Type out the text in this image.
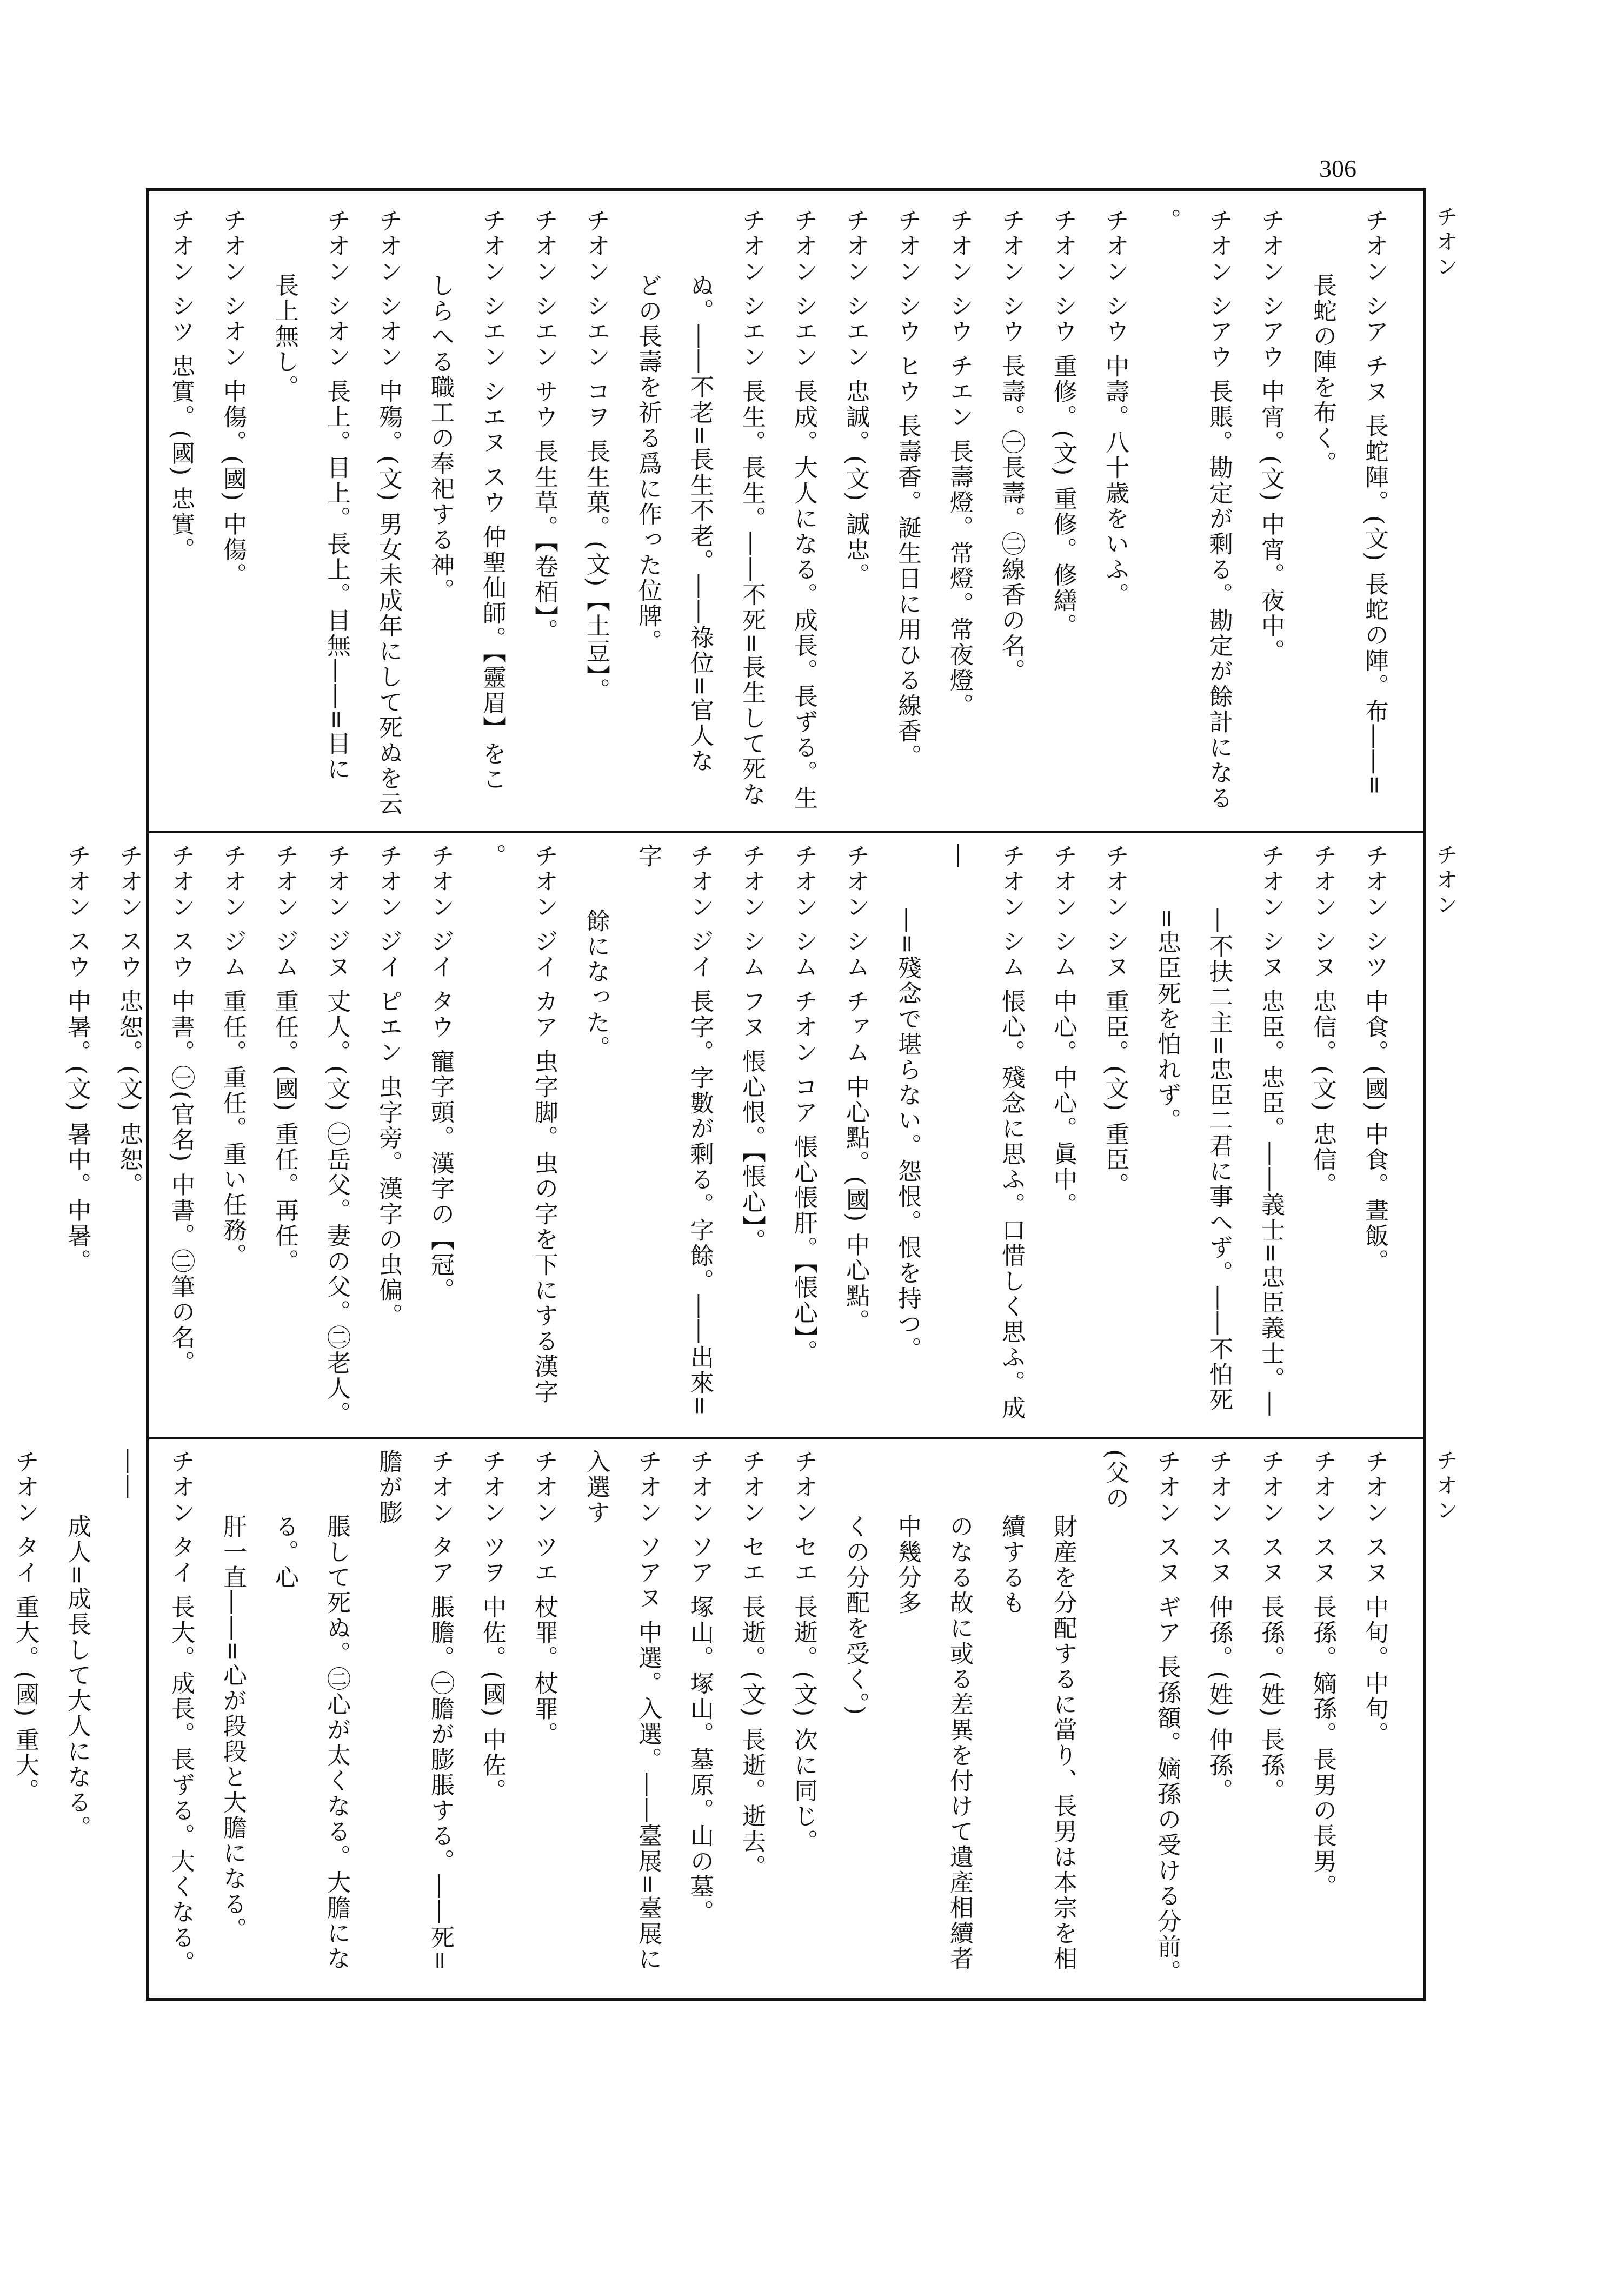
306
チオン
チオン
チオン
チオン シア チヌ 長蛇陣。(文) 長蛇の陣。布――=
長蛇の陣を布く。
チオン シアウ 中宵。(文) 中宵。夜中。
チオン シアウ 長賬。勘定が剩る。勘定が餘計になる。
チオン シウ 中壽。八十歳をいふ。
チオン シウ 重修。(文) 重修。修繕。
チオン シウ 長壽。㊀長壽。㊁線香の名。
チオン シウ チエン 長壽燈。常燈。常夜燈。
チオン シウ ヒウ 長壽香。誕生日に用ひる線香。
チオン シエン 忠誠。(文) 誠忠。
チオン シエン 長成。大人になる。成長。長ずる。生
チオン シエン 長生。長生。――不死=長生して死な
ぬ。――不老=長生不老。――祿位=官人な
どの長壽を祈る爲に作った位牌。
チオン シエン コヲ 長生菓。(文)【土豆】。
チオン シエン サウ 長生草。【卷栢】。
チオン シエン シエヌ スウ 仲聖仙師。【靈眉】をこ
しらへる職工の奉祀する神。
チオン シオン 中殤。(文) 男女未成年にして死ぬを云
チオン シオン 長上。目上。長上。目無――=目に
長上無し。
チオン シオン 中傷。(國) 中傷。
チオン シツ 忠實。(國) 忠實。
チオン シツ 中食。(國) 中食。晝飯。
チオン シヌ 忠信。(文) 忠信。
チオン シヌ 忠臣。忠臣。――義士=忠臣義士。―
―不扶二主=忠臣二君に事へず。――不怕死
=忠臣死を怕れず。
チオン シヌ 重臣。(文) 重臣。
チオン シム 中心。中心。眞中。
チオン シム 悵心。殘念に思ふ。口惜しく思ふ。成―
―=殘念で堪らない。怨恨。恨を持つ。
チオン シム チァム 中心點。(國) 中心點。
チオン シム チオン コア 悵心悵肝。【悵心】。
チオン シム フヌ 悵心恨。【悵心】。
チオン ジイ 長字。字數が剩る。字餘。――出來=字
餘になった。
チオン ジイ カア 虫字脚。虫の字を下にする漢字。
チオン ジイ タウ 寵字頭。漢字の【冠。
チオン ジイ ピエン 虫字旁。漢字の虫偏。
チオン ジヌ 丈人。(文) ㊀岳父。妻の父。㊁老人。
チオン ジム 重任。(國) 重任。再任。
チオン ジム 重任。重任。重い任務。
チオン スウ 中書。㊀(官名) 中書。㊁筆の名。
チオン スウ 忠恕。(文) 忠恕。
チオン スウ 中暑。(文) 暑中。中暑。
チオン スヌ 中旬。中旬。
チオン スヌ 長孫。嫡孫。長男の長男。
チオン スヌ 長孫。(姓) 長孫。
チオン スヌ 仲孫。(姓) 仲孫。
チオン スヌ ギア 長孫額。嫡孫の受ける分前。(父の
財産を分配するに當り、長男は本宗を相續するも
のなる故に或る差異を付けて遺產相續者中幾分多
くの分配を受く。)
チオン セエ 長逝。(文) 次に同じ。
チオン セエ 長逝。(文) 長逝。逝去。
チオン ソア 塚山。塚山。墓原。山の墓。
チオン ソアヌ 中選。入選。――臺展=臺展に入選す
チオン ツエ 杖罪。杖罪。
チオン ツヲ 中佐。(國) 中佐。
チオン タア 脹膽。㊀膽が膨脹する。――死=膽が膨
脹して死ぬ。㊁心が太くなる。大膽になる。心
肝一直――=心が段段と大膽になる。
チオン タイ 長大。成長。長ずる。大くなる。――
成人=成長して大人になる。
チオン タイ 重大。(國) 重大。
